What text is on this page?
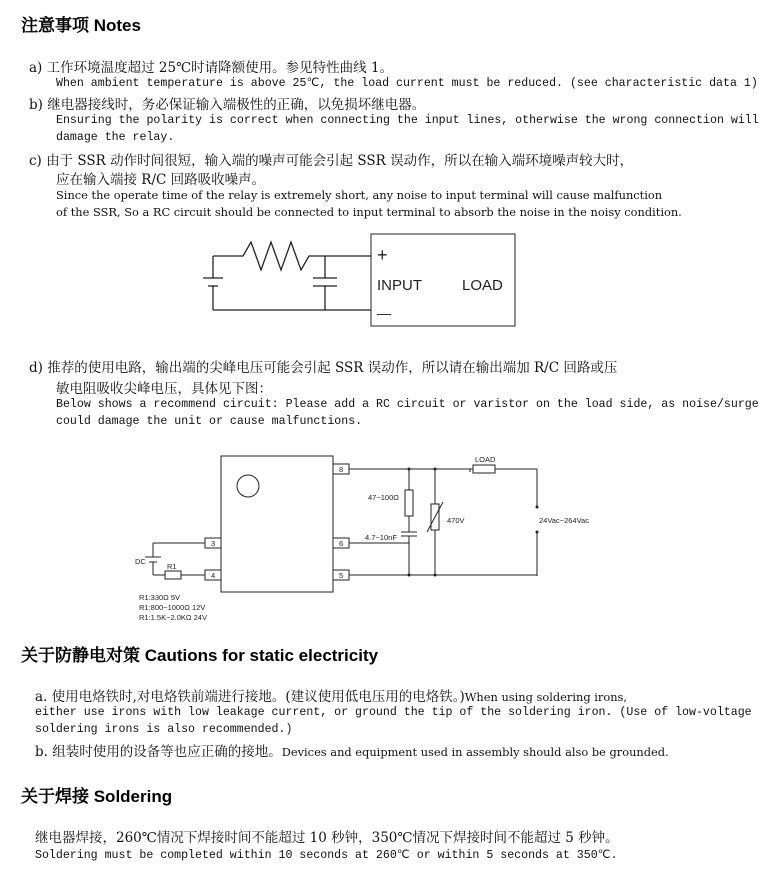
注意事项 Notes
a) 工作环境温度超过 25℃时请降额使用。参见特性曲线 1。
When ambient temperature is above 25℃, the load current must be reduced. (see characteristic data 1)
b) 继电器接线时，务必保证输入端极性的正确，以免损坏继电器。
Ensuring the polarity is correct when connecting the input lines, otherwise the wrong connection will
damage the relay.
c) 由于 SSR 动作时间很短，输入端的噪声可能会引起 SSR 误动作，所以在输入端环境噪声较大时，
应在输入端接 R/C 回路吸收噪声。
Since the operate time of the relay is extremely short, any noise to input terminal will cause malfunction
of the SSR, So a RC circuit should be connected to input terminal to absorb the noise in the noisy condition.
+
INPUT	LOAD
—
d) 推荐的使用电路，输出端的尖峰电压可能会引起 SSR 误动作，所以请在输出端加 R/C 回路或压
敏电阻吸收尖峰电压，具体见下图：
Below shows a recommend circuit: Please add a RC circuit or varistor on the load side, as noise/surge
could damage the unit or cause malfunctions.
8
6
5
3
4
DC
R1
LOAD
47~100Ω
4.7~10nF
470V	24Vac~264Vac
R1:330Ω 5V
R1:800~1000Ω 12V
R1:1.5K~2.0KΩ 24V
关于防静电对策 Cautions for static electricity
a. 使用电烙铁时,对电烙铁前端进行接地。(建议使用低电压用的电烙铁。)When using soldering irons,
either use irons with low leakage current, or ground the tip of the soldering iron. (Use of low-voltage
soldering irons is also recommended.)
b. 组装时使用的设备等也应正确的接地。Devices and equipment used in assembly should also be grounded.
关于焊接 Soldering
继电器焊接，260℃情况下焊接时间不能超过 10 秒钟，350℃情况下焊接时间不能超过 5 秒钟。
Soldering must be completed within 10 seconds at 260℃ or within 5 seconds at 350℃.
